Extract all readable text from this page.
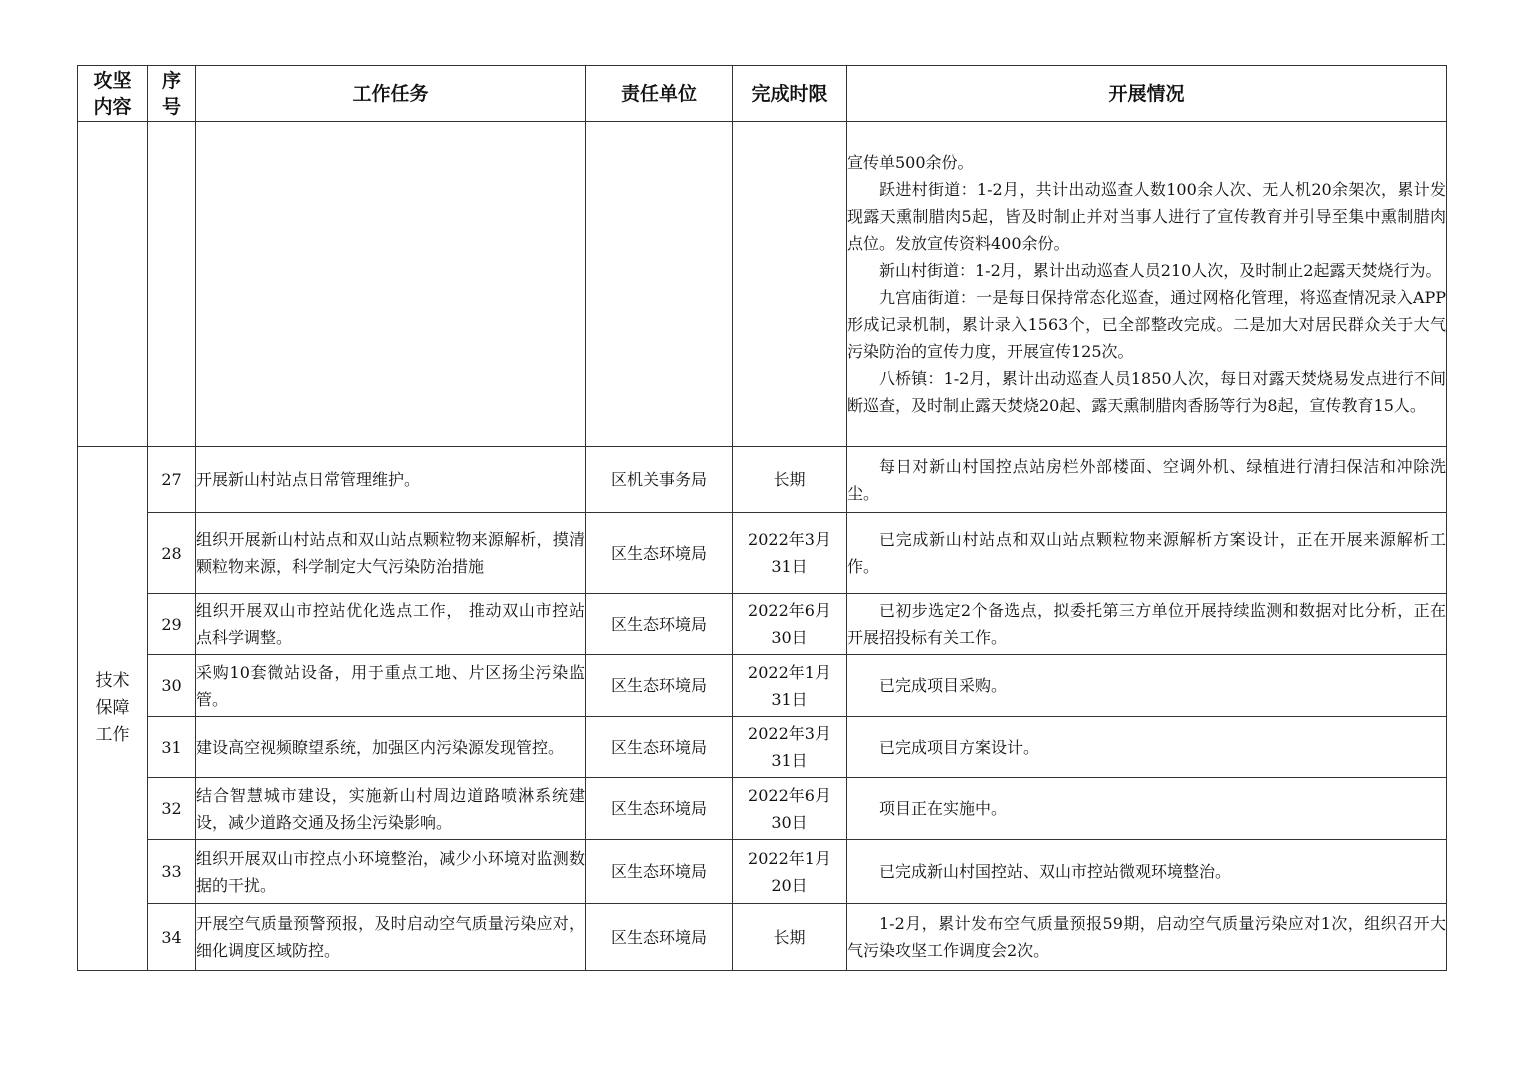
攻坚
内容	序
号	工作任务	责任单位	完成时限	开展情况

					宣传单500余份。

跃进村街道：1-2月，共计出动巡查人数100余人次、无人机20余架次，累计发现露天熏制腊肉5起，皆及时制止并对当事人进行了宣传教育并引导至集中熏制腊肉点位。发放宣传资料400余份。

新山村街道：1-2月，累计出动巡查人员210人次，及时制止2起露天焚烧行为。

九宫庙街道：一是每日保持常态化巡查，通过网格化管理，将巡查情况录入APP形成记录机制，累计录入1563个，已全部整改完成。二是加大对居民群众关于大气污染防治的宣传力度，开展宣传125次。

八桥镇：1-2月，累计出动巡查人员1850人次，每日对露天焚烧易发点进行不间断巡查，及时制止露天焚烧20起、露天熏制腊肉香肠等行为8起，宣传教育15人。

技术
保障
工作	27	开展新山村站点日常管理维护。	区机关事务局	长期	每日对新山村国控点站房栏外部楼面、空调外机、绿植进行清扫保洁和冲除洗尘。

	28	组织开展新山村站点和双山站点颗粒物来源解析，摸清颗粒物来源，科学制定大气污染防治措施	区生态环境局	2022年3月
31日	已完成新山村站点和双山站点颗粒物来源解析方案设计，正在开展来源解析工作。

	29	组织开展双山市控站优化选点工作， 推动双山市控站点科学调整。	区生态环境局	2022年6月
30日	已初步选定2个备选点，拟委托第三方单位开展持续监测和数据对比分析，正在开展招投标有关工作。

	30	采购10套微站设备，用于重点工地、片区扬尘污染监管。	区生态环境局	2022年1月
31日	已完成项目采购。

	31	建设高空视频瞭望系统，加强区内污染源发现管控。	区生态环境局	2022年3月
31日	已完成项目方案设计。

	32	结合智慧城市建设，实施新山村周边道路喷淋系统建设，减少道路交通及扬尘污染影响。	区生态环境局	2022年6月
30日	项目正在实施中。

	33	组织开展双山市控点小环境整治，减少小环境对监测数据的干扰。	区生态环境局	2022年1月
20日	已完成新山村国控站、双山市控站微观环境整治。

	34	开展空气质量预警预报，及时启动空气质量污染应对，细化调度区域防控。	区生态环境局	长期	1-2月，累计发布空气质量预报59期，启动空气质量污染应对1次，组织召开大气污染攻坚工作调度会2次。
